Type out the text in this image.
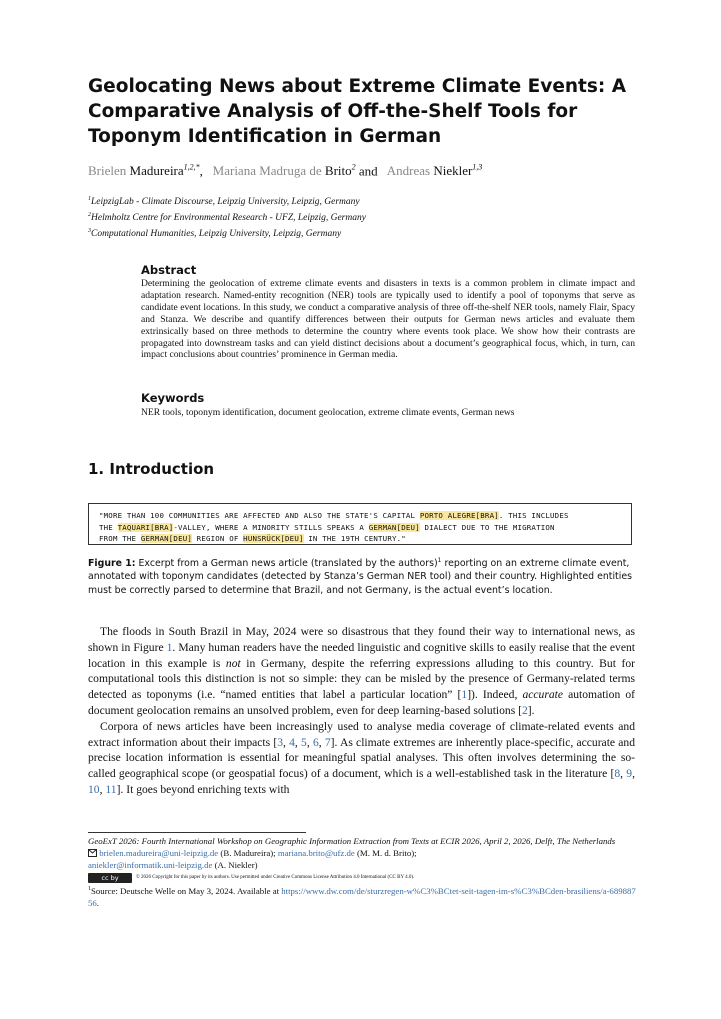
Geolocating News about Extreme Climate Events: A Comparative Analysis of Off-the-Shelf Tools for Toponym Identification in German
Brielen Madureira$^{1,2,*}$,   Mariana Madruga de Brito$^2$ and   Andreas Niekler$^{1,3}$
$^1$LeipzigLab - Climate Discourse, Leipzig University, Leipzig, Germany
$^2$Helmholtz Centre for Environmental Research - UFZ, Leipzig, Germany
$^3$Computational Humanities, Leipzig University, Leipzig, Germany
Abstract
Determining the geolocation of extreme climate events and disasters in texts is a common problem in climate impact and adaptation research. Named-entity recognition (NER) tools are typically used to identify a pool of toponyms that serve as candidate event locations. In this study, we conduct a comparative analysis of three off-the-shelf NER tools, namely Flair, Spacy and Stanza. We describe and quantify differences between their outputs for German news articles and evaluate them extrinsically based on three methods to determine the country where events took place. We show how their contrasts are propagated into downstream tasks and can yield distinct decisions about a document’s geographical focus, which, in turn, can impact conclusions about countries’ prominence in German media.
Keywords
NER tools, toponym identification, document geolocation, extreme climate events, German news
1. Introduction
"MORE THAN 100 COMMUNITIES ARE AFFECTED AND ALSO THE STATE'S CAPITAL PORTO ALEGRE[BRA]. THIS INCLUDES
THE TAQUARI[BRA]-VALLEY, WHERE A MINORITY STILLS SPEAKS A GERMAN[DEU] DIALECT DUE TO THE MIGRATION
FROM THE GERMAN[DEU] REGION OF HUNSRÜCK[DEU] IN THE 19TH CENTURY."
Figure 1: Excerpt from a German news article (translated by the authors)$^1$ reporting on an extreme climate event, annotated with toponym candidates (detected by Stanza’s German NER tool) and their country. Highlighted entities must be correctly parsed to determine that Brazil, and not Germany, is the actual event’s location.

The floods in South Brazil in May, 2024 were so disastrous that they found their way to international news, as shown in Figure 1. Many human readers have the needed linguistic and cognitive skills to easily realise that the event location in this example is not in Germany, despite the referring expressions alluding to this country. But for computational tools this distinction is not so simple: they can be misled by the presence of Germany-related terms detected as toponyms (i.e. “named entities that label a particular location” [1]). Indeed, accurate automation of document geolocation remains an unsolved problem, even for deep learning-based solutions [2].

Corpora of news articles have been increasingly used to analyse media coverage of climate-related events and extract information about their impacts [3, 4, 5, 6, 7]. As climate extremes are inherently place-specific, accurate and precise location information is essential for meaningful spatial analyses. This often involves determining the so-called geographical scope (or geospatial focus) of a document, which is a well-established task in the literature [8, 9, 10, 11]. It goes beyond enriching texts with

GeoExT 2026: Fourth International Workshop on Geographic Information Extraction from Texts at ECIR 2026, April 2, 2026, Delft, The Netherlands
brielen.madureira@uni-leipzig.de (B. Madureira); mariana.brito@ufz.de (M. M. d. Brito);
aniekler@informatik.uni-leipzig.de (A. Niekler)
cc by	© 2026 Copyright for this paper by its authors. Use permitted under Creative Commons License Attribution 4.0 International (CC BY 4.0).
$^1$Source: Deutsche Welle on May 3, 2024. Available at https://www.dw.com/de/sturzregen-w%C3%BCtet-seit-tagen-im-s%C3%BCden-brasiliens/a-68988756.
